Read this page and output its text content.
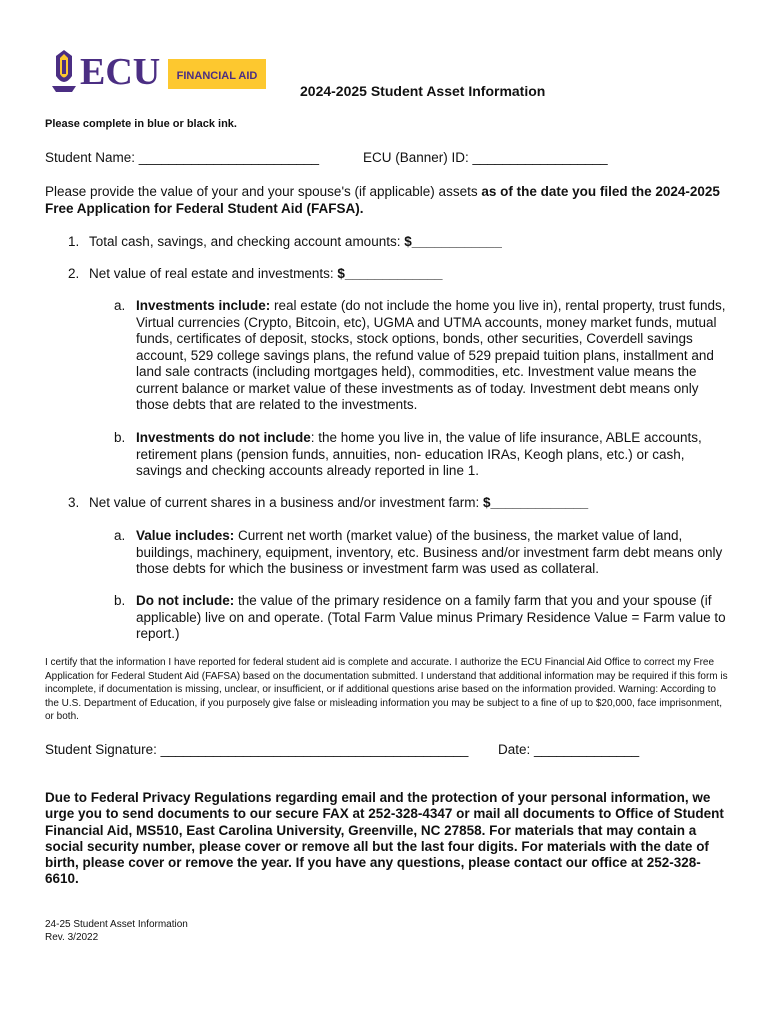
ECU FINANCIAL AID
2024-2025 Student Asset Information
Please complete in blue or black ink.
Student Name: ________________________	ECU (Banner) ID: __________________
Please provide the value of your and your spouse's (if applicable) assets as of the date you filed the 2024-2025 Free Application for Federal Student Aid (FAFSA).
1. Total cash, savings, and checking account amounts: $____________
2. Net value of real estate and investments: $_____________
a. Investments include: real estate (do not include the home you live in), rental property, trust funds, Virtual currencies (Crypto, Bitcoin, etc), UGMA and UTMA accounts, money market funds, mutual funds, certificates of deposit, stocks, stock options, bonds, other securities, Coverdell savings account, 529 college savings plans, the refund value of 529 prepaid tuition plans, installment and land sale contracts (including mortgages held), commodities, etc. Investment value means the current balance or market value of these investments as of today. Investment debt means only those debts that are related to the investments.
b. Investments do not include: the home you live in, the value of life insurance, ABLE accounts, retirement plans (pension funds, annuities, non- education IRAs, Keogh plans, etc.) or cash, savings and checking accounts already reported in line 1.
3. Net value of current shares in a business and/or investment farm: $_____________
a. Value includes: Current net worth (market value) of the business, the market value of land, buildings, machinery, equipment, inventory, etc. Business and/or investment farm debt means only those debts for which the business or investment farm was used as collateral.
b. Do not include: the value of the primary residence on a family farm that you and your spouse (if applicable) live on and operate. (Total Farm Value minus Primary Residence Value = Farm value to report.)
I certify that the information I have reported for federal student aid is complete and accurate. I authorize the ECU Financial Aid Office to correct my Free Application for Federal Student Aid (FAFSA) based on the documentation submitted. I understand that additional information may be required if this form is incomplete, if documentation is missing, unclear, or insufficient, or if additional questions arise based on the information provided. Warning: According to the U.S. Department of Education, if you purposely give false or misleading information you may be subject to a fine of up to $20,000, face imprisonment, or both.
Student Signature: _________________________________________ Date: ______________
Due to Federal Privacy Regulations regarding email and the protection of your personal information, we urge you to send documents to our secure FAX at 252-328-4347 or mail all documents to Office of Student Financial Aid, MS510, East Carolina University, Greenville, NC 27858. For materials that may contain a social security number, please cover or remove all but the last four digits. For materials with the date of birth, please cover or remove the year. If you have any questions, please contact our office at 252-328-6610.
24-25 Student Asset Information
Rev. 3/2022
